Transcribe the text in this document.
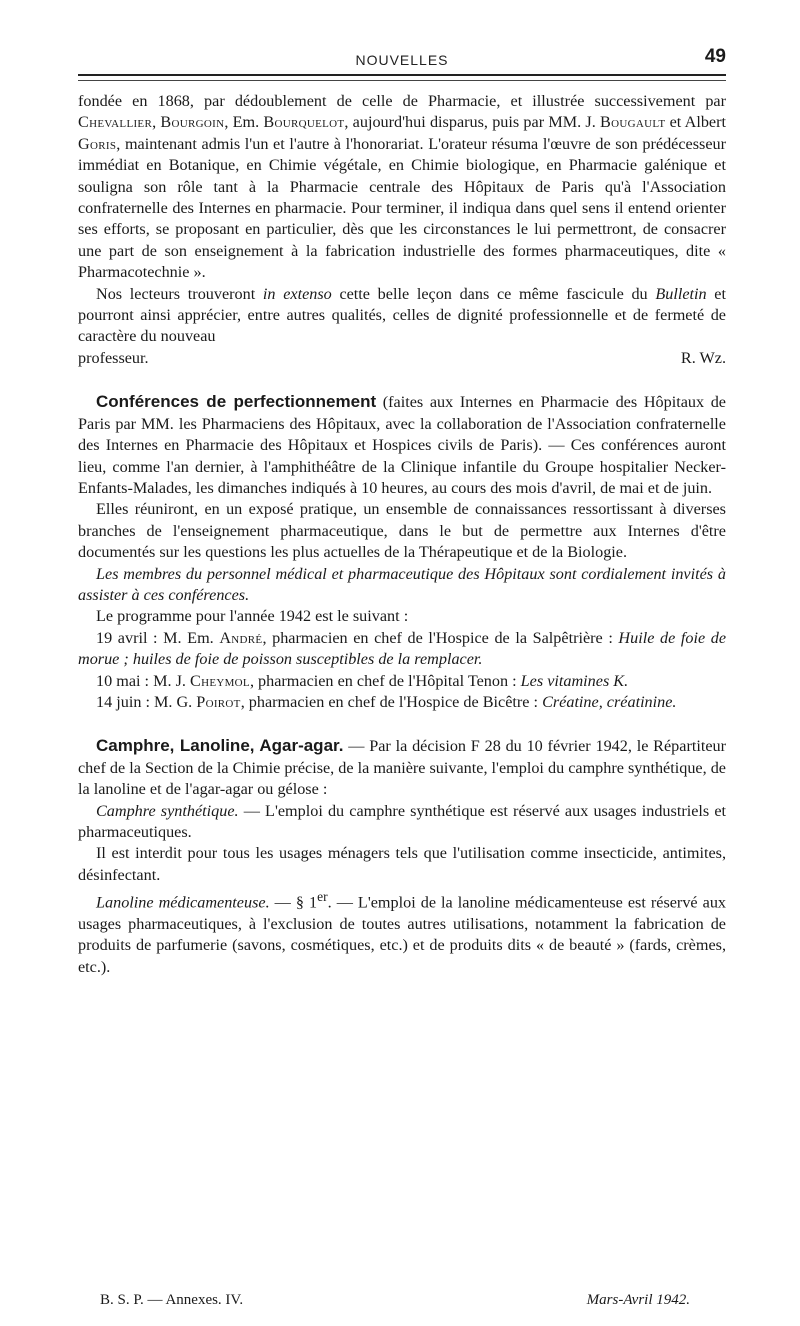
NOUVELLES	49

fondée en 1868, par dédoublement de celle de Pharmacie, et illustrée successivement par Chevallier, Bourgoin, Em. Bourquelot, aujourd'hui disparus, puis par MM. J. Bougault et Albert Goris, maintenant admis l'un et l'autre à l'honorariat. L'orateur résuma l'œuvre de son prédécesseur immédiat en Botanique, en Chimie végétale, en Chimie biologique, en Pharmacie galénique et souligna son rôle tant à la Pharmacie centrale des Hôpitaux de Paris qu'à l'Association confraternelle des Internes en pharmacie. Pour terminer, il indiqua dans quel sens il entend orienter ses efforts, se proposant en particulier, dès que les circonstances le lui permettront, de consacrer une part de son enseignement à la fabrication industrielle des formes pharmaceutiques, dite « Pharmacotechnie ».

Nos lecteurs trouveront in extenso cette belle leçon dans ce même fascicule du Bulletin et pourront ainsi apprécier, entre autres qualités, celles de dignité professionnelle et de fermeté de caractère du nouveau

professeur.	R. Wz.

Conférences de perfectionnement (faites aux Internes en Pharmacie des Hôpitaux de Paris par MM. les Pharmaciens des Hôpitaux, avec la collaboration de l'Association confraternelle des Internes en Pharmacie des Hôpitaux et Hospices civils de Paris). — Ces conférences auront lieu, comme l'an dernier, à l'amphithéâtre de la Clinique infantile du Groupe hospitalier Necker-Enfants-Malades, les dimanches indiqués à 10 heures, au cours des mois d'avril, de mai et de juin.

Elles réuniront, en un exposé pratique, un ensemble de connaissances ressortissant à diverses branches de l'enseignement pharmaceutique, dans le but de permettre aux Internes d'être documentés sur les questions les plus actuelles de la Thérapeutique et de la Biologie.

Les membres du personnel médical et pharmaceutique des Hôpitaux sont cordialement invités à assister à ces conférences.

Le programme pour l'année 1942 est le suivant :

19 avril : M. Em. André, pharmacien en chef de l'Hospice de la Salpêtrière : Huile de foie de morue ; huiles de foie de poisson susceptibles de la remplacer.

10 mai : M. J. Cheymol, pharmacien en chef de l'Hôpital Tenon : Les vitamines K.

14 juin : M. G. Poirot, pharmacien en chef de l'Hospice de Bicêtre : Créatine, créatinine.

Camphre, Lanoline, Agar-agar. — Par la décision F 28 du 10 février 1942, le Répartiteur chef de la Section de la Chimie précise, de la manière suivante, l'emploi du camphre synthétique, de la lanoline et de l'agar-agar ou gélose :

Camphre synthétique. — L'emploi du camphre synthétique est réservé aux usages industriels et pharmaceutiques.

Il est interdit pour tous les usages ménagers tels que l'utilisation comme insecticide, antimites, désinfectant.

Lanoline médicamenteuse. — § 1er. — L'emploi de la lanoline médicamenteuse est réservé aux usages pharmaceutiques, à l'exclusion de toutes autres utilisations, notamment la fabrication de produits de parfumerie (savons, cosmétiques, etc.) et de produits dits « de beauté » (fards, crèmes, etc.).

B. S. P. — Annexes. IV.	Mars-Avril 1942.
